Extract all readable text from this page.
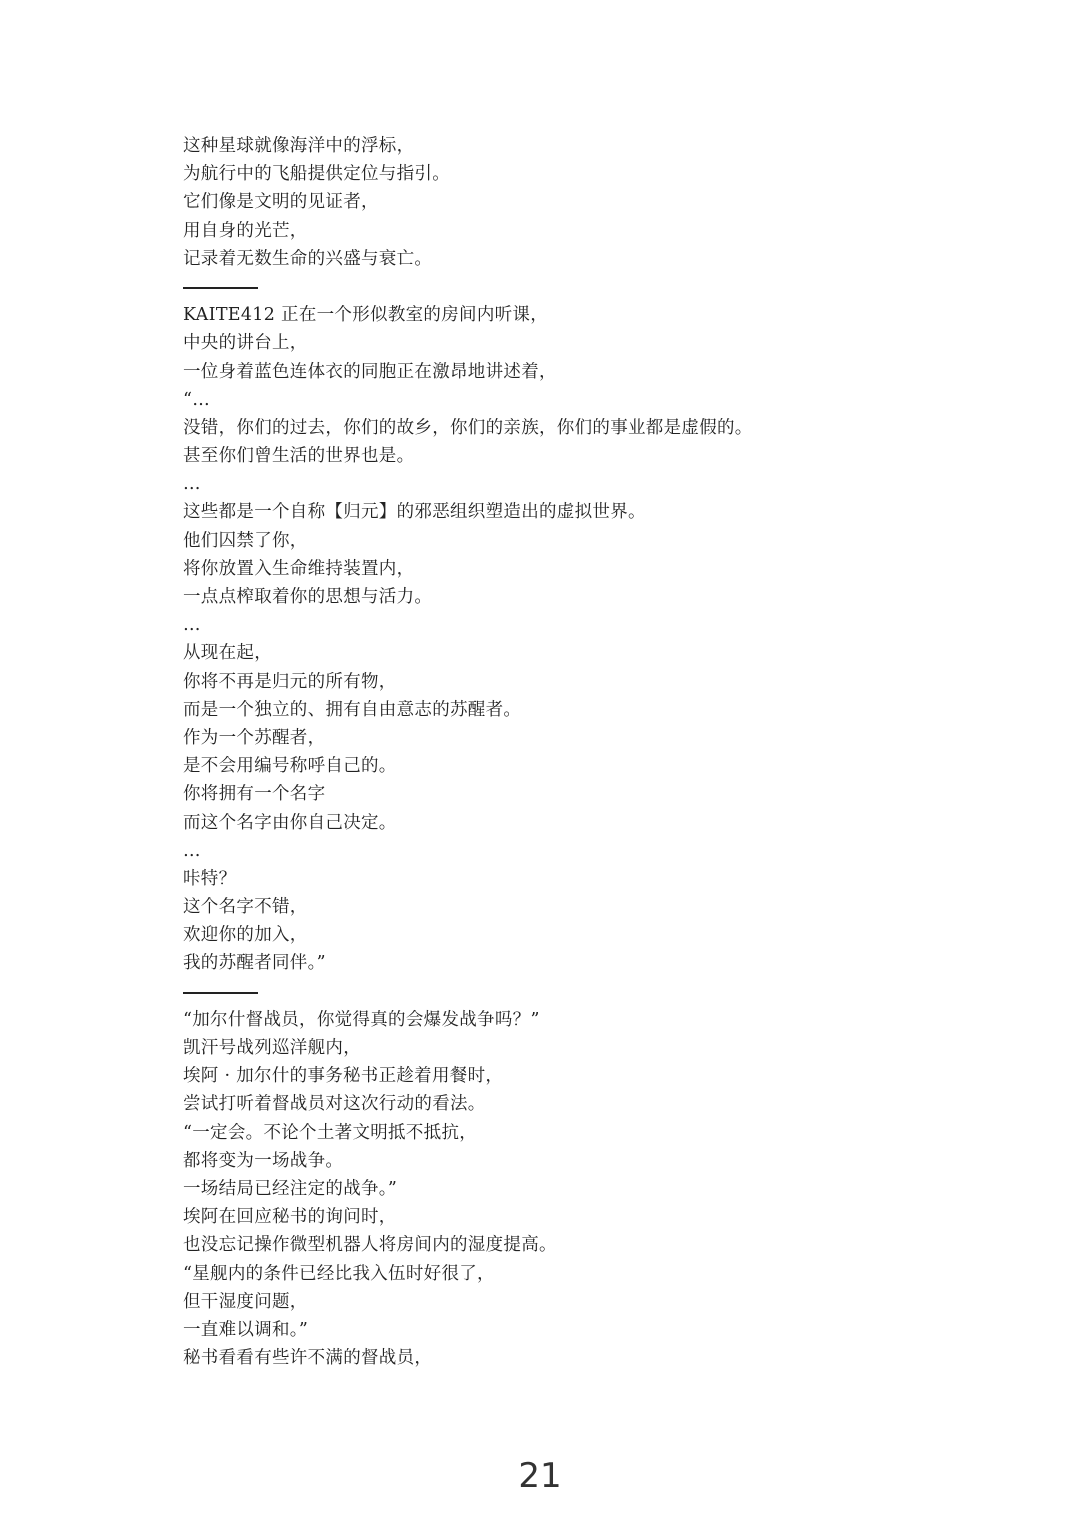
这种星球就像海洋中的浮标，
为航行中的飞船提供定位与指引。
它们像是文明的见证者，
用自身的光芒，
记录着无数生命的兴盛与衰亡。
KAITE412 正在一个形似教室的房间内听课，
中央的讲台上，
一位身着蓝色连体衣的同胞正在激昂地讲述着，
“…
没错，你们的过去，你们的故乡，你们的亲族，你们的事业都是虚假的。
甚至你们曾生活的世界也是。
…
这些都是一个自称【归元】的邪恶组织塑造出的虚拟世界。
他们囚禁了你，
将你放置入生命维持装置内，
一点点榨取着你的思想与活力。
…
从现在起，
你将不再是归元的所有物，
而是一个独立的、拥有自由意志的苏醒者。
作为一个苏醒者，
是不会用编号称呼自己的。
你将拥有一个名字
而这个名字由你自己决定。
…
咔特？
这个名字不错，
欢迎你的加入，
我的苏醒者同伴。”
“加尔什督战员，你觉得真的会爆发战争吗？”
凯汗号战列巡洋舰内，
埃阿 · 加尔什的事务秘书正趁着用餐时，
尝试打听着督战员对这次行动的看法。
“一定会。不论个土著文明抵不抵抗，
都将变为一场战争。
一场结局已经注定的战争。”
埃阿在回应秘书的询问时，
也没忘记操作微型机器人将房间内的湿度提高。
“星舰内的条件已经比我入伍时好很了，
但干湿度问题，
一直难以调和。”
秘书看看有些许不满的督战员，
21
